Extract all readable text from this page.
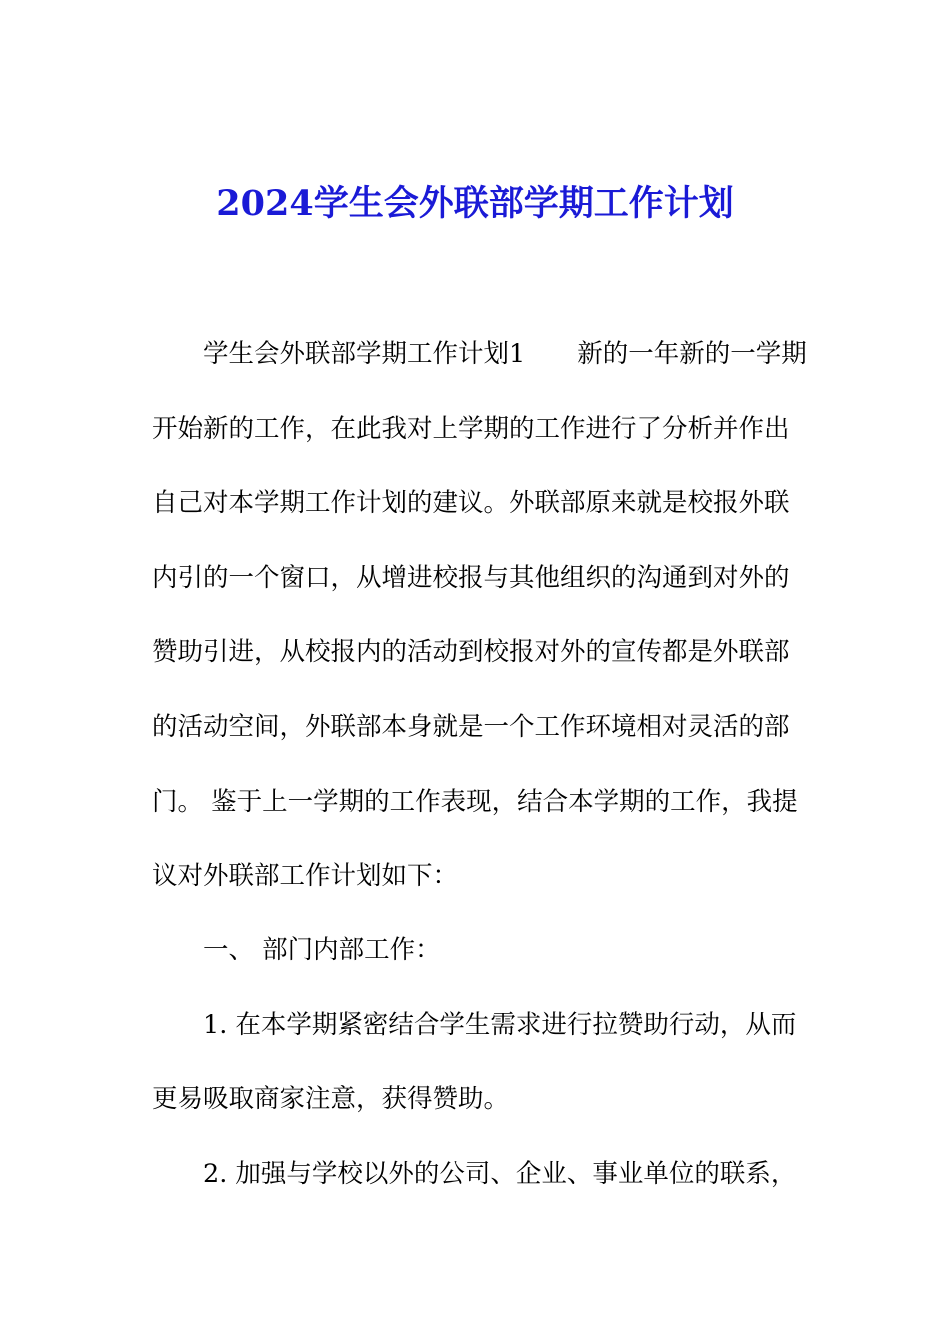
2024学生会外联部学期工作计划
学生会外联部学期工作计划1 新的一年新的一学期
开始新的工作，在此我对上学期的工作进行了分析并作出
自己对本学期工作计划的建议。外联部原来就是校报外联
内引的一个窗口，从增进校报与其他组织的沟通到对外的
赞助引进，从校报内的活动到校报对外的宣传都是外联部
的活动空间，外联部本身就是一个工作环境相对灵活的部
门。 鉴于上一学期的工作表现，结合本学期的工作，我提
议对外联部工作计划如下：
一、 部门内部工作：
1. 在本学期紧密结合学生需求进行拉赞助行动，从而
更易吸取商家注意，获得赞助。
2. 加强与学校以外的公司、企业、事业单位的联系，
